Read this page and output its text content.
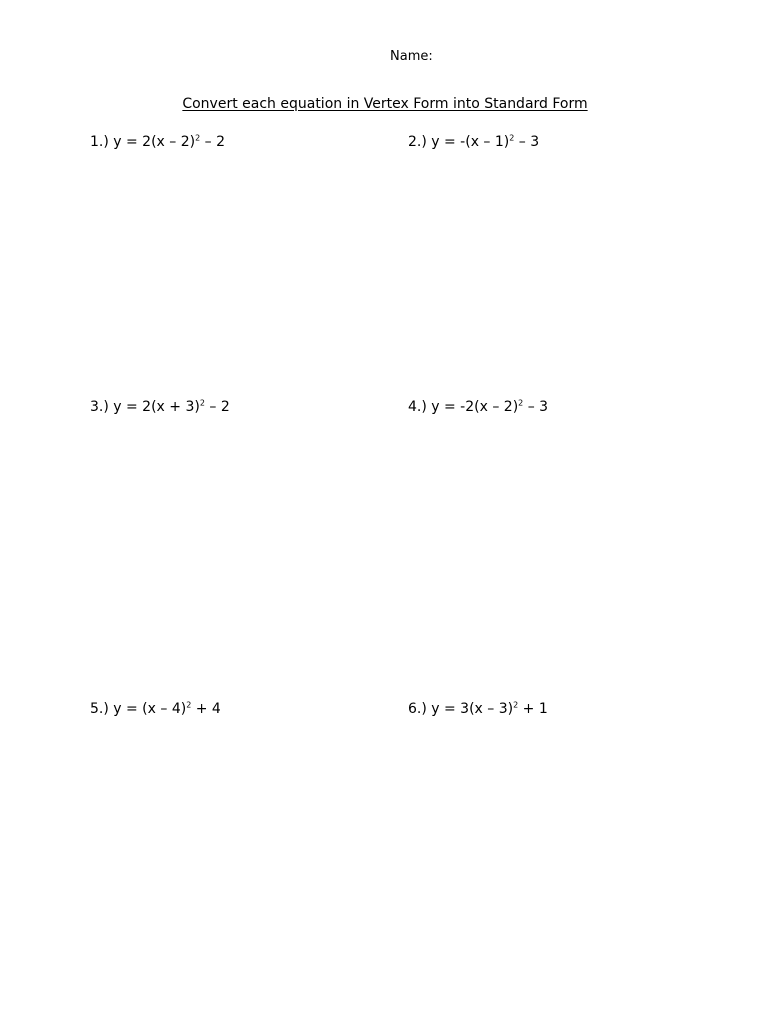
Name:
Convert each equation in Vertex Form into Standard Form
1.) y = 2(x – 2)$^2$ – 2	2.) y = -(x – 1)$^2$ – 3
3.) $y = 2(x + 3)^2 - 2$	4.) y = -2(x – 2)$^2$ – 3
5.) y = (x – 4)$^2$ + 4	6.) y = 3(x – 3)$^2$ + 1
